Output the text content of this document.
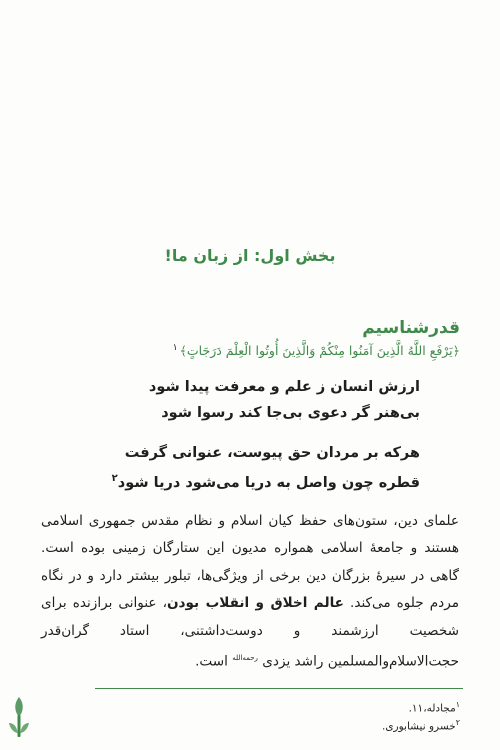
بخش اول: از زبان ما!
قدرشناسیم
﴿يَرْفَعِ اللَّهُ الَّذِينَ آمَنُوا مِنْكُمْ وَالَّذِينَ أُوتُوا الْعِلْمَ دَرَجَاتٍ﴾$^۱$
ارزش انسان ز علم و معرفت پیدا شود
بی‌هنر گر دعوی بی‌جا کند رسوا شود
هرکه بر مردان حق پیوست، عنوانی گرفت
قطره چون واصل به دریا می‌شود دریا شود$^۲$
علمای دین، ستون‌های حفظ کیان اسلام و نظام مقدس جمهوری اسلامی هستند و جامعهٔ اسلامی همواره مدیون این ستارگان زمینی بوده است. گاهی در سیرهٔ بزرگان دین برخی از ویژگی‌ها، تبلور بیشتر دارد و در نگاه مردم جلوه می‌کند. عالم اخلاق و انقلاب بودن، عنوانی برازنده برای شخصیت ارزشمند و دوست‌داشتنی، استاد گران‌قدر حجت‌الاسلام‌والمسلمین راشد یزدی $^{رحمه‌الله}$ است.
$^۱$مجادله،۱۱.
$^۲$خسرو نیشابوری.
